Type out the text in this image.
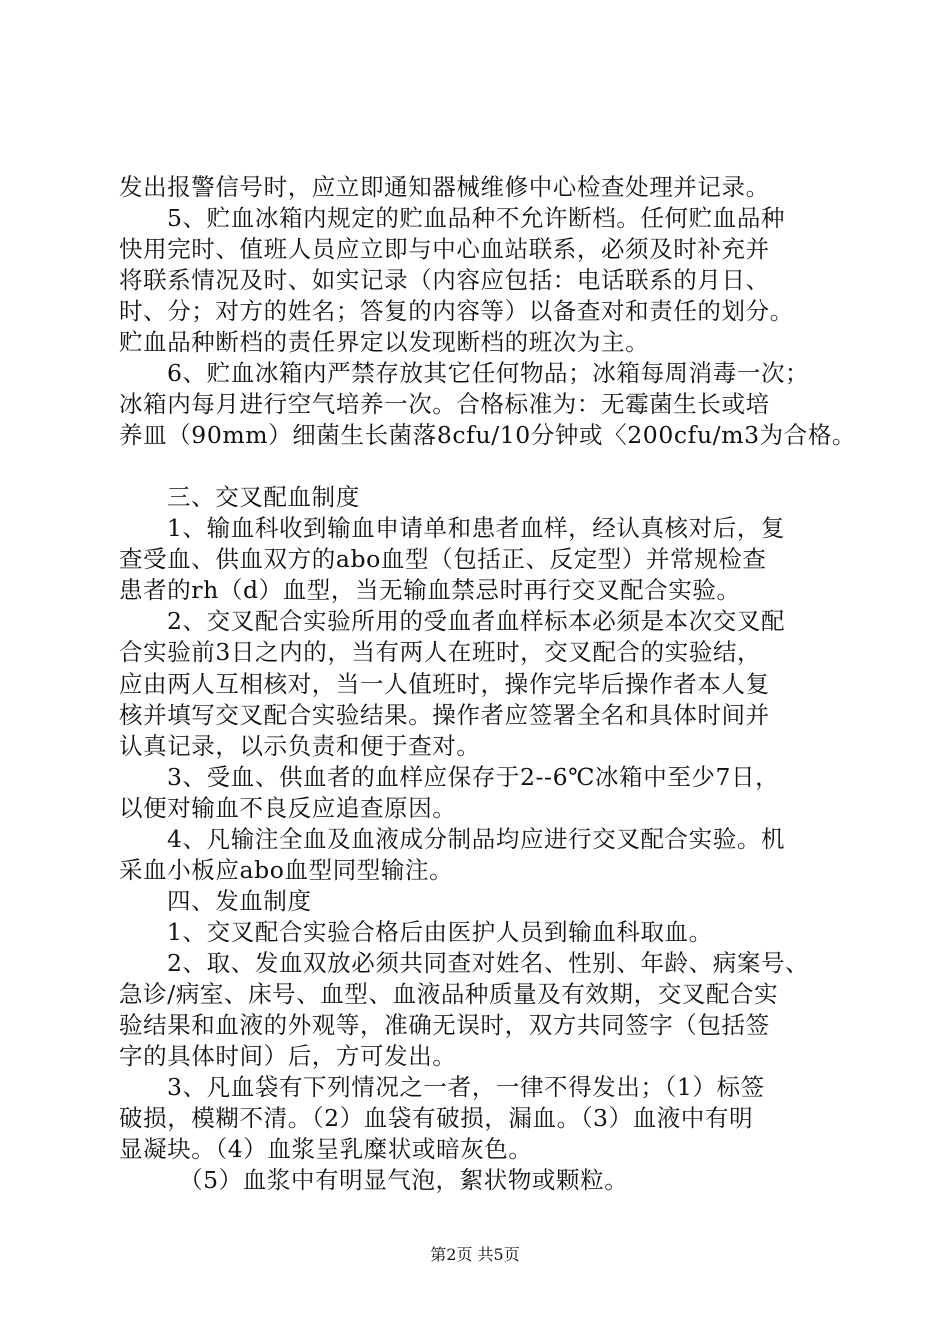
发出报警信号时，应立即通知器械维修中心检查处理并记录。
5、贮血冰箱内规定的贮血品种不允许断档。任何贮血品种
快用完时、值班人员应立即与中心血站联系，必须及时补充并
将联系情况及时、如实记录（内容应包括：电话联系的月日、
时、分；对方的姓名；答复的内容等）以备查对和责任的划分。
贮血品种断档的责任界定以发现断档的班次为主。
6、贮血冰箱内严禁存放其它任何物品；冰箱每周消毒一次；
冰箱内每月进行空气培养一次。合格标准为：无霉菌生长或培
养皿（90mm）细菌生长菌落8cfu/10分钟或〈200cfu/m3为合格。
三、交叉配血制度
1、输血科收到输血申请单和患者血样，经认真核对后，复
查受血、供血双方的abo血型（包括正、反定型）并常规检查
患者的rh（d）血型，当无输血禁忌时再行交叉配合实验。
2、交叉配合实验所用的受血者血样标本必须是本次交叉配
合实验前3日之内的，当有两人在班时，交叉配合的实验结，
应由两人互相核对，当一人值班时，操作完毕后操作者本人复
核并填写交叉配合实验结果。操作者应签署全名和具体时间并
认真记录，以示负责和便于查对。
3、受血、供血者的血样应保存于2--6℃冰箱中至少7日，
以便对输血不良反应追查原因。
4、凡输注全血及血液成分制品均应进行交叉配合实验。机
采血小板应abo血型同型输注。
四、发血制度
1、交叉配合实验合格后由医护人员到输血科取血。
2、取、发血双放必须共同查对姓名、性别、年龄、病案号、
急诊/病室、床号、血型、血液品种质量及有效期，交叉配合实
验结果和血液的外观等，准确无误时，双方共同签字（包括签
字的具体时间）后，方可发出。
3、凡血袋有下列情况之一者，一律不得发出；（1）标签
破损，模糊不清。（2）血袋有破损，漏血。（3）血液中有明
显凝块。（4）血浆呈乳糜状或暗灰色。
（5）血浆中有明显气泡，絮状物或颗粒。
第2页 共5页
